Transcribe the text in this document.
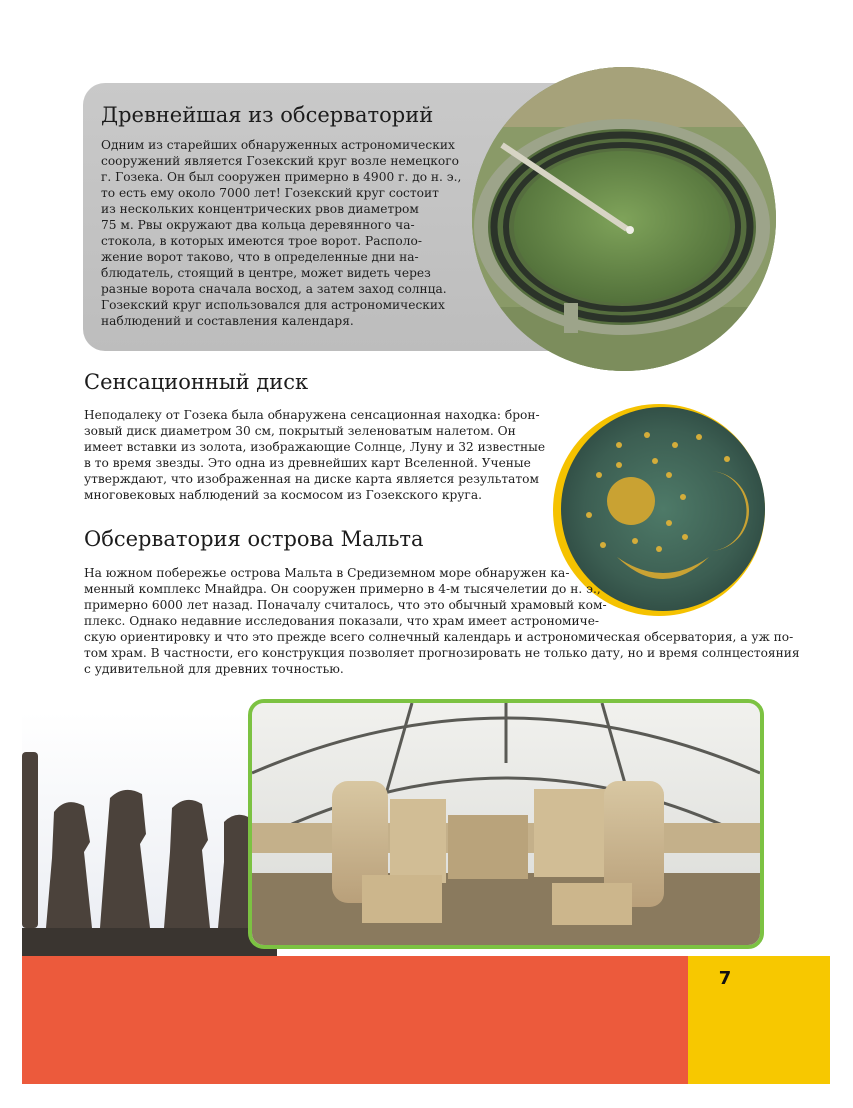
Древнейшая из обсерваторий
Одним из старейших обнаруженных астрономических
сооружений является Гозекский круг возле немецкого
г. Гозека. Он был сооружен примерно в 4900 г. до н. э.,
то есть ему около 7000 лет! Гозекский круг состоит
из нескольких концентрических рвов диаметром
75 м. Рвы окружают два кольца деревянного ча-
стокола, в которых имеются трое ворот. Располо-
жение ворот таково, что в определенные дни на-
блюдатель, стоящий в центре, может видеть через
разные ворота сначала восход, а затем заход солнца.
Гозекский круг использовался для астрономических
наблюдений и составления календаря.
Сенсационный диск
Неподалеку от Гозека была обнаружена сенсационная находка: брон-
зовый диск диаметром 30 см, покрытый зеленоватым налетом. Он
имеет вставки из золота, изображающие Солнце, Луну и 32 известные
в то время звезды. Это одна из древнейших карт Вселенной. Ученые
утверждают, что изображенная на диске карта является результатом
многовековых наблюдений за космосом из Гозекского круга.
Обсерватория острова Мальта
На южном побережье острова Мальта в Средиземном море обнаружен ка-
менный комплекс Мнайдра. Он сооружен примерно в 4-м тысячелетии до н. э.,
примерно 6000 лет назад. Поначалу считалось, что это обычный храмовый ком-
плекс. Однако недавние исследования показали, что храм имеет астрономиче-
скую ориентировку и что это прежде всего солнечный календарь и астрономическая обсерватория, а уж по-
том храм. В частности, его конструкция позволяет прогнозировать не только дату, но и время солнцестояния
с удивительной для древних точностью.
7
